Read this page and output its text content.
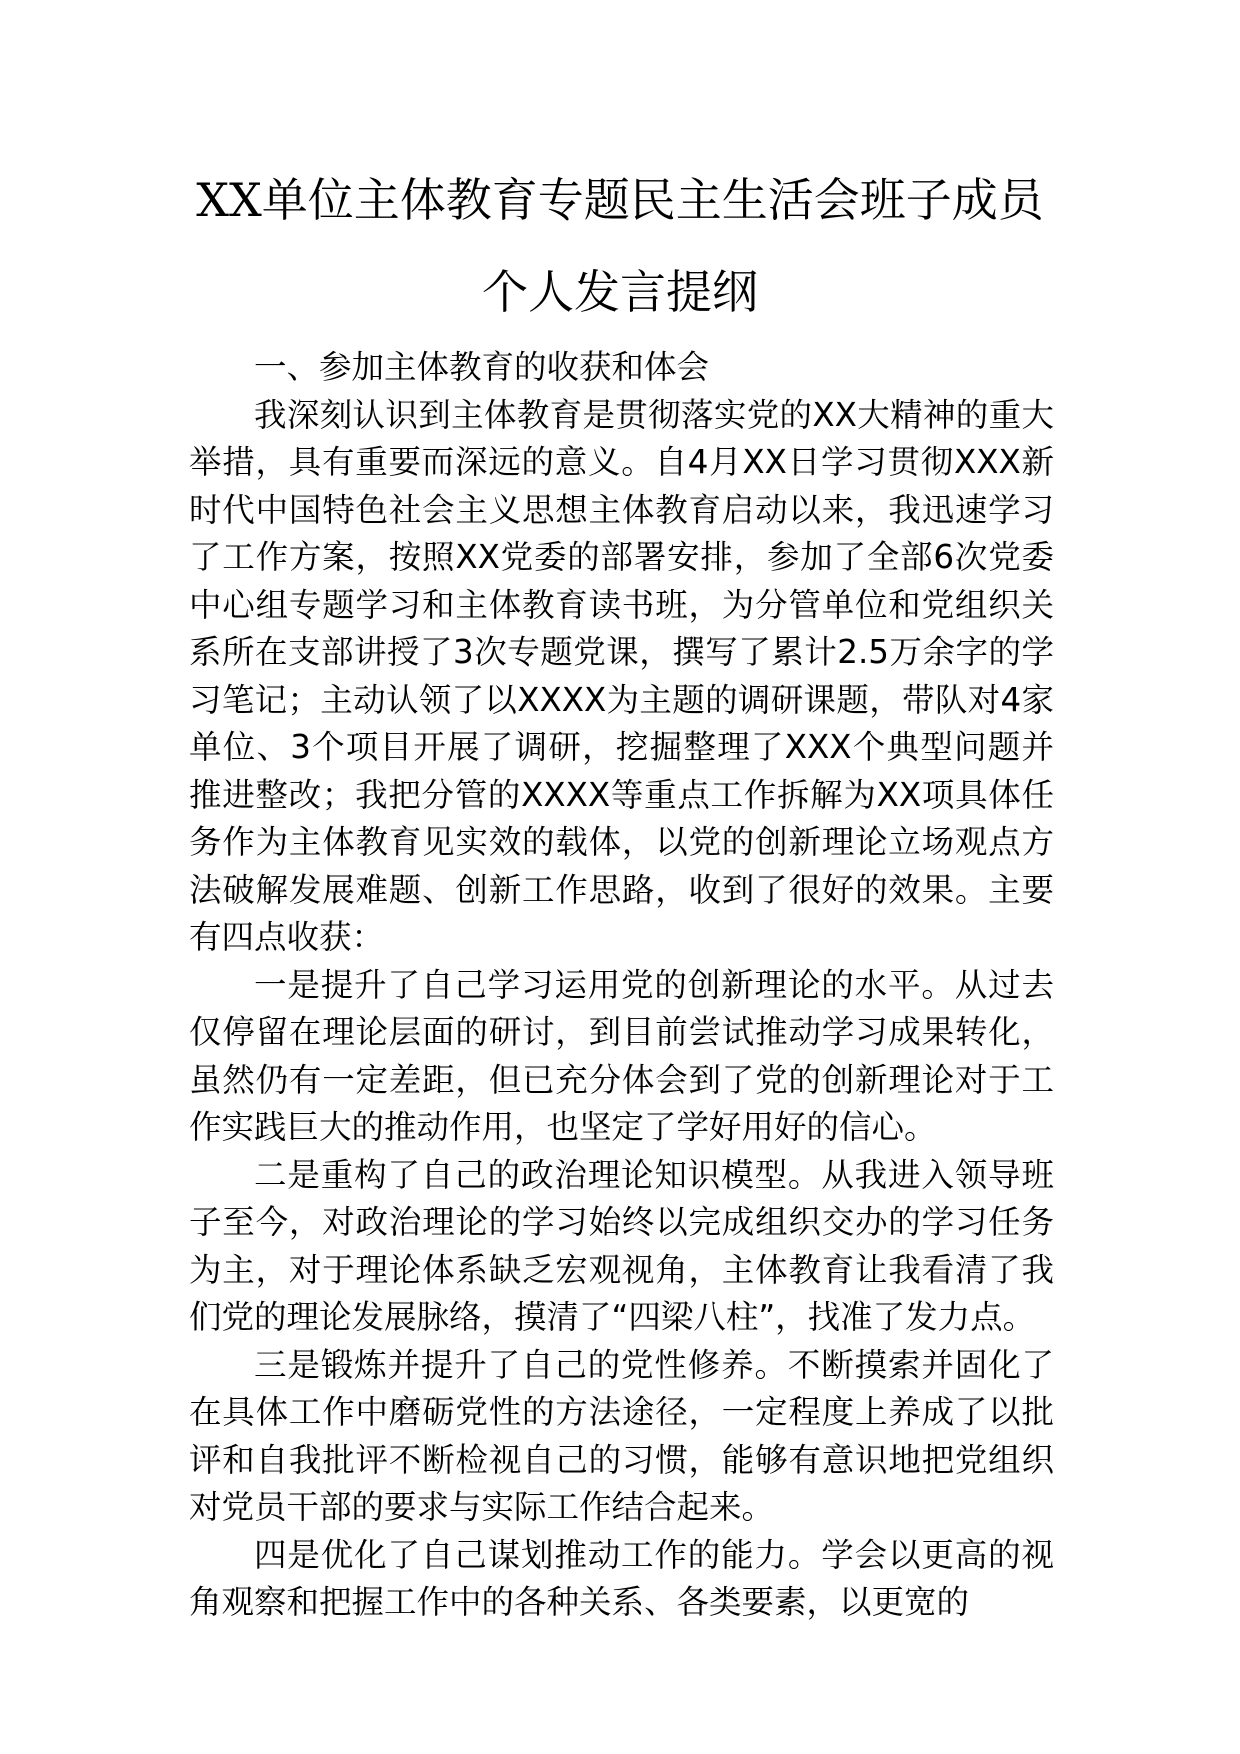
XX单位主体教育专题民主生活会班子成员
个人发言提纲

一、参加主体教育的收获和体会

我深刻认识到主体教育是贯彻落实党的XX大精神的重大举措，具有重要而深远的意义。自4月XX日学习贯彻XXX新时代中国特色社会主义思想主体教育启动以来，我迅速学习了工作方案，按照XX党委的部署安排，参加了全部6次党委中心组专题学习和主体教育读书班，为分管单位和党组织关系所在支部讲授了3次专题党课，撰写了累计2.5万余字的学习笔记；主动认领了以XXXX为主题的调研课题，带队对4家单位、3个项目开展了调研，挖掘整理了XXX个典型问题并推进整改；我把分管的XXXX等重点工作拆解为XX项具体任务作为主体教育见实效的载体，以党的创新理论立场观点方法破解发展难题、创新工作思路，收到了很好的效果。主要有四点收获：

一是提升了自己学习运用党的创新理论的水平。从过去仅停留在理论层面的研讨，到目前尝试推动学习成果转化，虽然仍有一定差距，但已充分体会到了党的创新理论对于工作实践巨大的推动作用，也坚定了学好用好的信心。

二是重构了自己的政治理论知识模型。从我进入领导班子至今，对政治理论的学习始终以完成组织交办的学习任务为主，对于理论体系缺乏宏观视角，主体教育让我看清了我们党的理论发展脉络，摸清了“四梁八柱”，找准了发力点。

三是锻炼并提升了自己的党性修养。不断摸索并固化了在具体工作中磨砺党性的方法途径，一定程度上养成了以批评和自我批评不断检视自己的习惯，能够有意识地把党组织对党员干部的要求与实际工作结合起来。

四是优化了自己谋划推动工作的能力。学会以更高的视角观察和把握工作中的各种关系、各类要素，以更宽的
